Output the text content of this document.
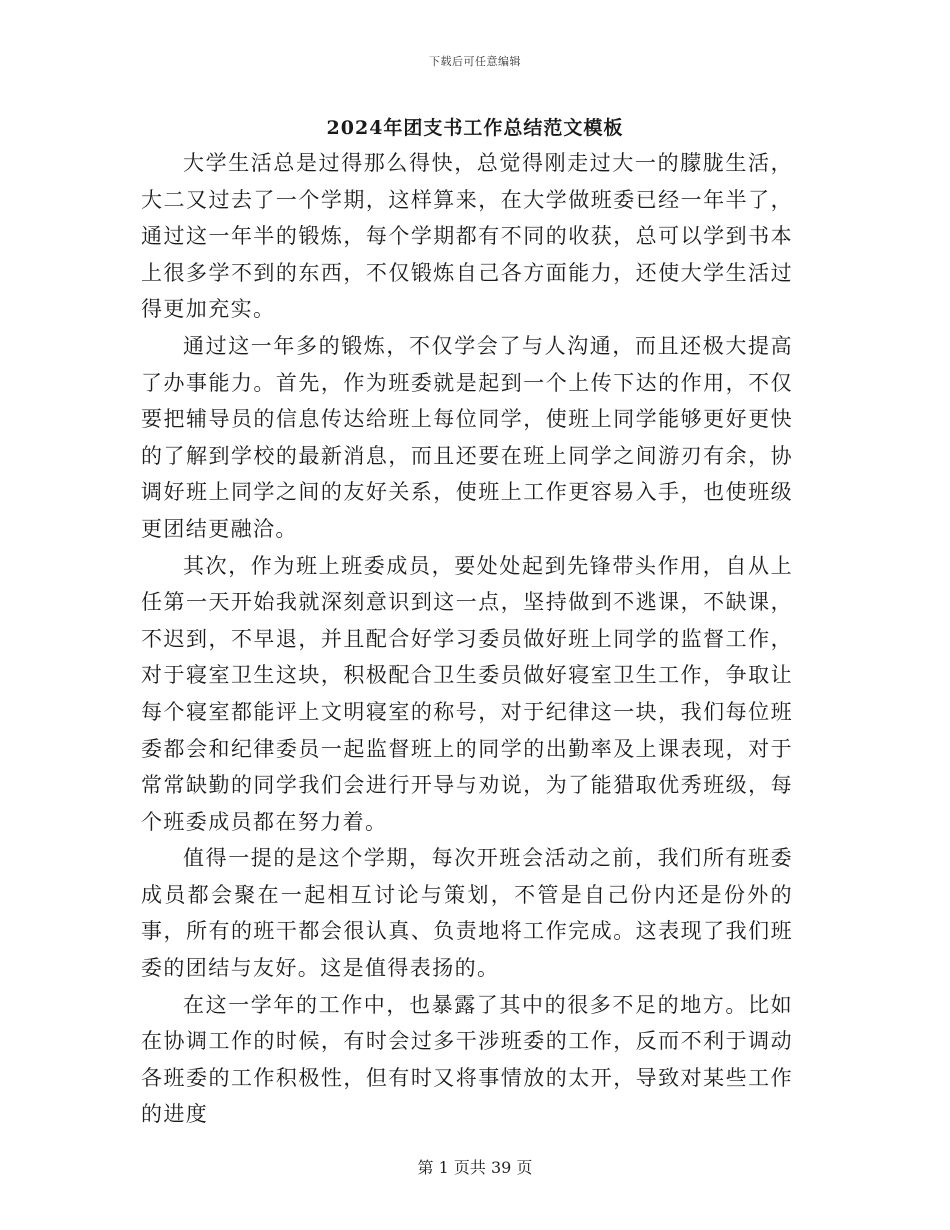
下载后可任意编辑
2024年团支书工作总结范文模板

大学生活总是过得那么得快，总觉得刚走过大一的朦胧生活，大二又过去了一个学期，这样算来，在大学做班委已经一年半了，通过这一年半的锻炼，每个学期都有不同的收获，总可以学到书本上很多学不到的东西，不仅锻炼自己各方面能力，还使大学生活过得更加充实。

通过这一年多的锻炼，不仅学会了与人沟通，而且还极大提高了办事能力。首先，作为班委就是起到一个上传下达的作用，不仅要把辅导员的信息传达给班上每位同学，使班上同学能够更好更快的了解到学校的最新消息，而且还要在班上同学之间游刃有余，协调好班上同学之间的友好关系，使班上工作更容易入手，也使班级更团结更融洽。

其次，作为班上班委成员，要处处起到先锋带头作用，自从上任第一天开始我就深刻意识到这一点，坚持做到不逃课，不缺课，不迟到，不早退，并且配合好学习委员做好班上同学的监督工作，对于寝室卫生这块，积极配合卫生委员做好寝室卫生工作，争取让每个寝室都能评上文明寝室的称号，对于纪律这一块，我们每位班委都会和纪律委员一起监督班上的同学的出勤率及上课表现，对于常常缺勤的同学我们会进行开导与劝说，为了能猎取优秀班级，每个班委成员都在努力着。

值得一提的是这个学期，每次开班会活动之前，我们所有班委成员都会聚在一起相互讨论与策划，不管是自己份内还是份外的事，所有的班干都会很认真、负责地将工作完成。这表现了我们班委的团结与友好。这是值得表扬的。

在这一学年的工作中，也暴露了其中的很多不足的地方。比如在协调工作的时候，有时会过多干涉班委的工作，反而不利于调动各班委的工作积极性，但有时又将事情放的太开，导致对某些工作的进度

第 1 页共 39 页
